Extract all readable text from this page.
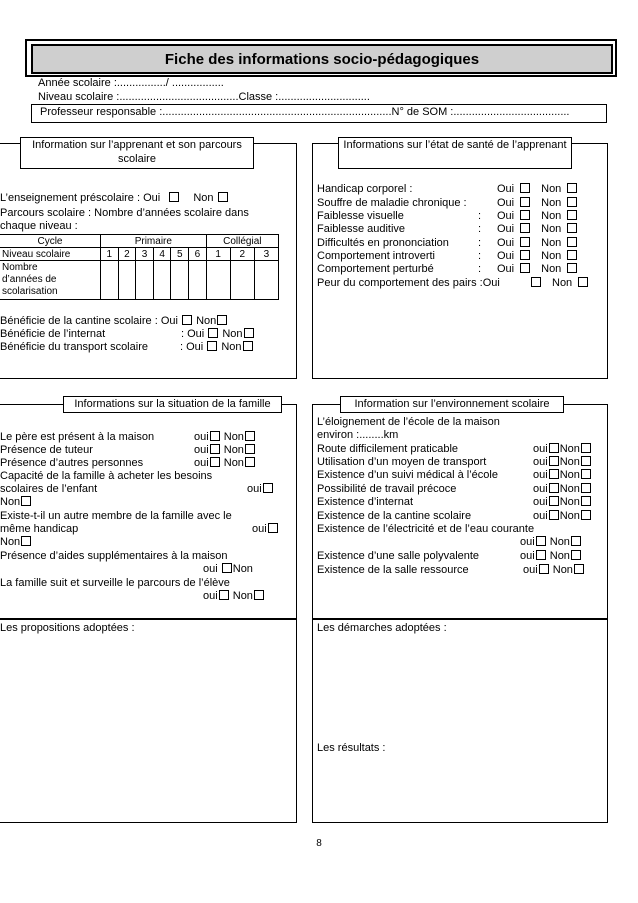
Fiche des informations socio-pédagogiques
Année scolaire :................/ .................
Niveau scolaire :.......................................Classe :..............................
Professeur responsable :...........................................................................N° de SOM :......................................
Information sur l’apprenant et son parcours scolaire
L’enseignement préscolaire : Oui	Non
Parcours scolaire : Nombre d’années scolaire dans
chaque niveau :
Cycle	Primaire						Collégial		
Niveau scolaire	1	2	3	4	5	6	1	2	3

Nombre
d’années de
scolarisation									

Bénéficie de la cantine scolaire : Oui Non
Bénéficie de l’internat	: Oui Non
Bénéficie du transport scolaire	: Oui Non
Informations sur l’état de santé de l’apprenant
Handicap corporel :	Oui Non
Souffre de maladie chronique :	Oui Non
Faiblesse visuelle	: Oui Non
Faiblesse auditive	: Oui Non
Difficultés en prononciation	: Oui Non
Comportement introverti	: Oui Non
Comportement perturbé	: Oui Non
Peur du comportement des pairs :Oui	Non
Informations sur la situation de la famille
Le père est présent à la maison	oui Non
Présence de tuteur	oui Non
Présence d’autres personnes	oui Non
Capacité de la famille à acheter les besoins
scolaires de l’enfant	oui
Non
Existe-t-il un autre membre de la famille avec le
même handicap	oui
Non
Présence d’aides supplémentaires à la maison
oui Non
La famille suit et surveille le parcours de l’élève
oui Non
Information sur l’environnement scolaire
L’éloignement de l’école de la maison
environ :........km
Route difficilement praticable	oui Non
Utilisation d’un moyen de transport	oui Non
Existence d’un suivi médical à l’école	oui Non
Possibilité de travail précoce	oui Non
Existence d’internat	oui Non
Existence de la cantine scolaire	oui Non
Existence de l’électricité et de l’eau courante
oui Non
Existence d’une salle polyvalente	oui Non
Existence de la salle ressource	oui Non
Les propositions adoptées :	Les démarches adoptées :
Les résultats :
8
